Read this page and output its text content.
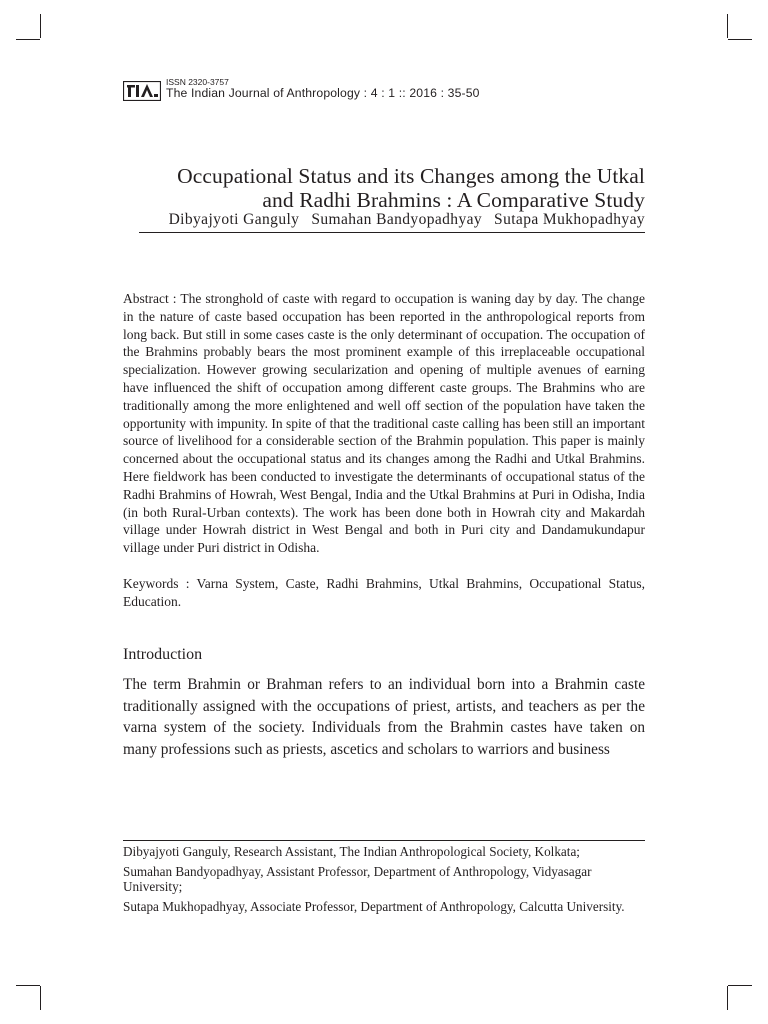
ISSN 2320-3757
The Indian Journal of Anthropology : 4 : 1 :: 2016 : 35-50
Occupational Status and its Changes among the Utkal
and Radhi Brahmins : A Comparative Study
Dibyajyoti Ganguly Sumahan Bandyopadhyay Sutapa Mukhopadhyay

Abstract : The stronghold of caste with regard to occupation is waning day by day. The change in the nature of caste based occupation has been reported in the anthropological reports from long back. But still in some cases caste is the only determinant of occupation. The occupation of the Brahmins probably bears the most prominent example of this irreplaceable occupational specialization. However growing secularization and opening of multiple avenues of earning have influenced the shift of occupation among different caste groups. The Brahmins who are traditionally among the more enlightened and well off section of the population have taken the opportunity with impunity. In spite of that the traditional caste calling has been still an important source of livelihood for a considerable section of the Brahmin population. This paper is mainly concerned about the occupational status and its changes among the Radhi and Utkal Brahmins. Here fieldwork has been conducted to investigate the determinants of occupational status of the Radhi Brahmins of Howrah, West Bengal, India and the Utkal Brahmins at Puri in Odisha, India (in both Rural-Urban contexts). The work has been done both in Howrah city and Makardah village under Howrah district in West Bengal and both in Puri city and Dandamukundapur village under Puri district in Odisha.

Keywords : Varna System, Caste, Radhi Brahmins, Utkal Brahmins, Occupational Status, Education.
Introduction

The term Brahmin or Brahman refers to an individual born into a Brahmin caste traditionally assigned with the occupations of priest, artists, and teachers as per the varna system of the society. Individuals from the Brahmin castes have taken on many professions such as priests, ascetics and scholars to warriors and business

Dibyajyoti Ganguly, Research Assistant, The Indian Anthropological Society, Kolkata;

Sumahan Bandyopadhyay, Assistant Professor, Department of Anthropology, Vidyasagar University;

Sutapa Mukhopadhyay, Associate Professor, Department of Anthropology, Calcutta University.
